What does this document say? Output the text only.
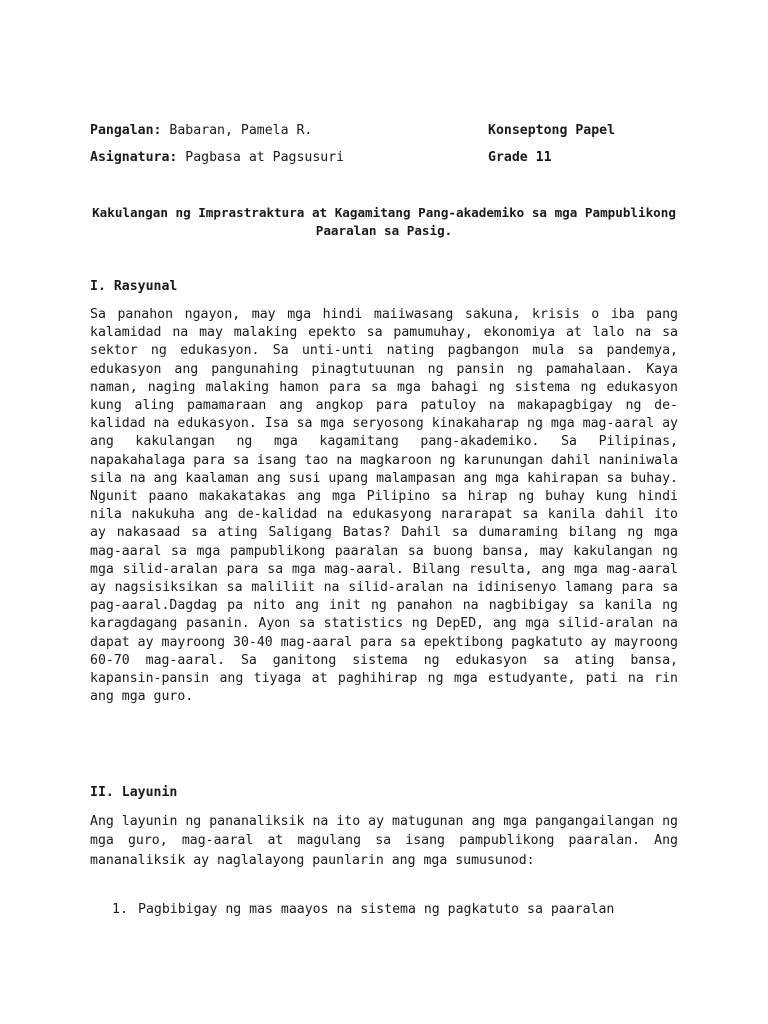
Pangalan: Babaran, Pamela R.	Konseptong Papel
Asignatura: Pagbasa at Pagsusuri	Grade 11
Kakulangan ng Imprastraktura at Kagamitang Pang-akademiko sa mga Pampublikong Paaralan sa Pasig.
I. Rasyunal

Sa panahon ngayon, may mga hindi maiiwasang sakuna, krisis o iba pang kalamidad na may malaking epekto sa pamumuhay, ekonomiya at lalo na sa sektor ng edukasyon. Sa unti-unti nating pagbangon mula sa pandemya, edukasyon ang pangunahing pinagtutuunan ng pansin ng pamahalaan. Kaya naman, naging malaking hamon para sa mga bahagi ng sistema ng edukasyon kung aling pamamaraan ang angkop para patuloy na makapagbigay ng de-kalidad na edukasyon. Isa sa mga seryosong kinakaharap ng mga mag-aaral ay ang kakulangan ng mga kagamitang pang-akademiko. Sa Pilipinas, napakahalaga para sa isang tao na magkaroon ng karunungan dahil naniniwala sila na ang kaalaman ang susi upang malampasan ang mga kahirapan sa buhay. Ngunit paano makakatakas ang mga Pilipino sa hirap ng buhay kung hindi nila nakukuha ang de-kalidad na edukasyong nararapat sa kanila dahil ito ay nakasaad sa ating Saligang Batas? Dahil sa dumaraming bilang ng mga mag-aaral sa mga pampublikong paaralan sa buong bansa, may kakulangan ng mga silid-aralan para sa mga mag-aaral. Bilang resulta, ang mga mag-aaral ay nagsisiksikan sa maliliit na silid-aralan na idinisenyo lamang para sa pag-aaral.Dagdag pa nito ang init ng panahon na nagbibigay sa kanila ng karagdagang pasanin. Ayon sa statistics ng DepED, ang mga silid-aralan na dapat ay mayroong 30-40 mag-aaral para sa epektibong pagkatuto ay mayroong 60-70 mag-aaral. Sa ganitong sistema ng edukasyon sa ating bansa, kapansin-pansin ang tiyaga at paghihirap ng mga estudyante, pati na rin ang mga guro.

II. Layunin

Ang layunin ng pananaliksik na ito ay matugunan ang mga pangangailangan ng mga guro, mag-aaral at magulang sa isang pampublikong paaralan. Ang mananaliksik ay naglalayong paunlarin ang mga sumusunod:

1. Pagbibigay ng mas maayos na sistema ng pagkatuto sa paaralan
